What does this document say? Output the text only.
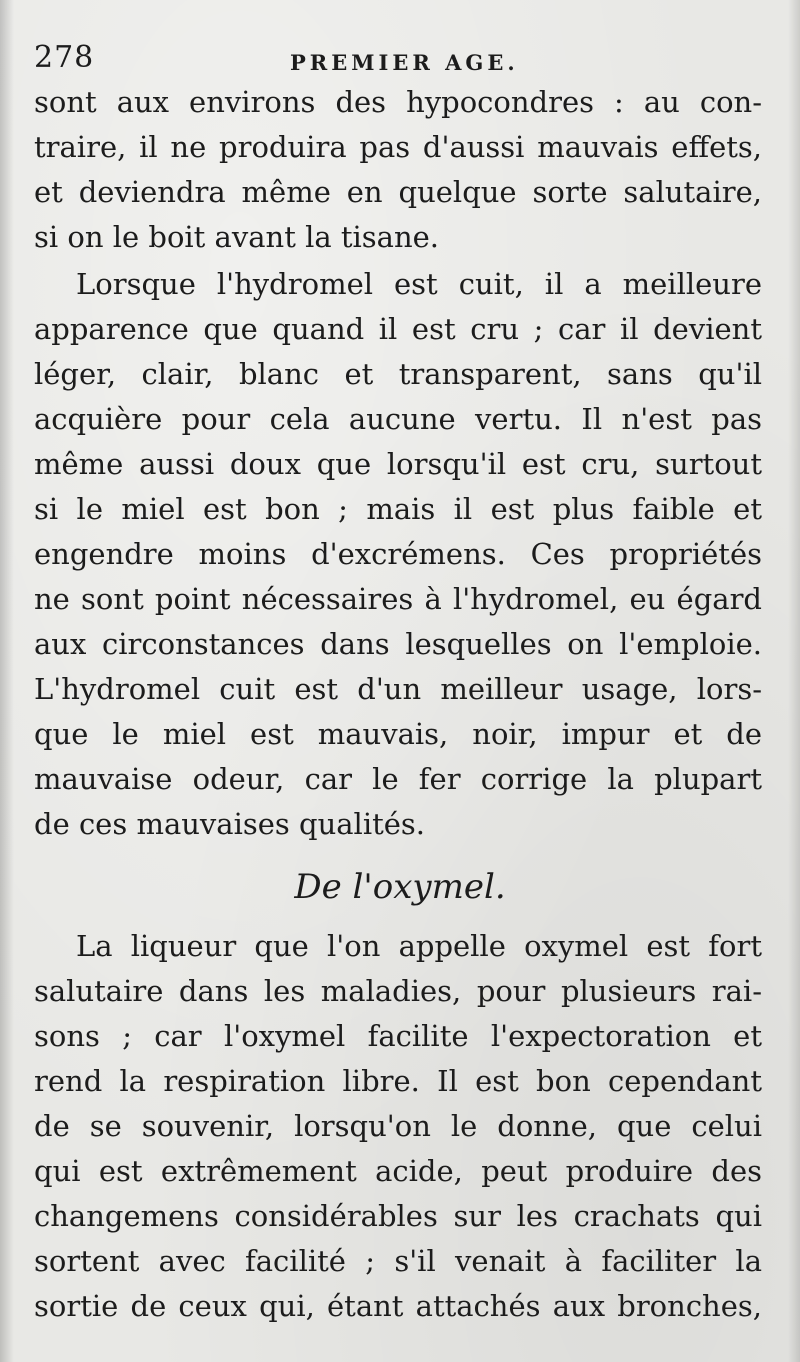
278	PREMIER AGE.
sont aux environs des hypocondres : au con-
traire, il ne produira pas d'aussi mauvais effets,
et deviendra même en quelque sorte salutaire,
si on le boit avant la tisane.
Lorsque l'hydromel est cuit, il a meilleure
apparence que quand il est cru ; car il devient
léger, clair, blanc et transparent, sans qu'il
acquière pour cela aucune vertu. Il n'est pas
même aussi doux que lorsqu'il est cru, surtout
si le miel est bon ; mais il est plus faible et
engendre moins d'excrémens. Ces propriétés
ne sont point nécessaires à l'hydromel, eu égard
aux circonstances dans lesquelles on l'emploie.
L'hydromel cuit est d'un meilleur usage, lors-
que le miel est mauvais, noir, impur et de
mauvaise odeur, car le fer corrige la plupart
de ces mauvaises qualités.
De l'oxymel.
La liqueur que l'on appelle oxymel est fort
salutaire dans les maladies, pour plusieurs rai-
sons ; car l'oxymel facilite l'expectoration et
rend la respiration libre. Il est bon cependant
de se souvenir, lorsqu'on le donne, que celui
qui est extrêmement acide, peut produire des
changemens considérables sur les crachats qui
sortent avec facilité ; s'il venait à faciliter la
sortie de ceux qui, étant attachés aux bronches,
